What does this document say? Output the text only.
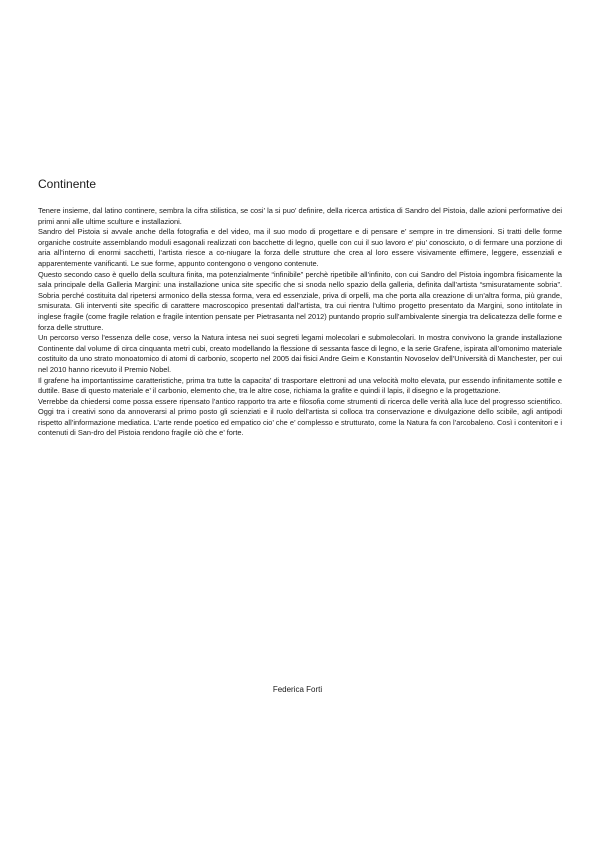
Continente

Tenere insieme, dal latino continere, sembra la cifra stilistica, se cosi’ la si puo’ definire, della ricerca artistica di Sandro del Pistoia, dalle azioni performative dei primi anni alle ultime sculture e installazioni.

Sandro del Pistoia si avvale anche della fotografia e del video, ma il suo modo di progettare e di pensare e’ sempre in tre dimensioni. Si tratti delle forme organiche costruite assemblando moduli esagonali realizzati con bacchette di legno, quelle con cui il suo lavoro e’ piu’ conosciuto, o di fermare una porzione di aria all’interno di enormi sacchetti, l’artista riesce a co-niugare la forza delle strutture che crea al loro essere visivamente effimere, leggere, essenziali e apparentemente vanificanti. Le sue forme, appunto contengono o vengono contenute.

Questo secondo caso è quello della scultura finita, ma potenzialmente “infinibile” perchè ripetibile all’infinito, con cui Sandro del Pistoia ingombra fisicamente la sala principale della Galleria Margini: una installazione unica site specific che si snoda nello spazio della galleria, definita dall’artista “smisuratamente sobria”. Sobria perché costituita dal ripetersi armonico della stessa forma, vera ed essenziale, priva di orpelli, ma che porta alla creazione di un’altra forma, più grande, smisurata. Gli interventi site specific di carattere macroscopico presentati dall’artista, tra cui rientra l’ultimo progetto presentato da Margini, sono intitolate in inglese fragile (come fragile relation e fragile intention pensate per Pietrasanta nel 2012) puntando proprio sull’ambivalente sinergia tra delicatezza delle forme e forza delle strutture.

Un percorso verso l’essenza delle cose, verso la Natura intesa nei suoi segreti legami molecolari e submolecolari. In mostra convivono la grande installazione Continente dal volume di circa cinquanta metri cubi, creato modellando la flessione di sessanta fasce di legno, e la serie Grafene, ispirata all’omonimo materiale costituito da uno strato monoatomico di atomi di carbonio, scoperto nel 2005 dai fisici Andre Geim e Konstantin Novoselov dell’Università di Manchester, per cui nel 2010 hanno ricevuto il Premio Nobel.

Il grafene ha importantissime caratteristiche, prima tra tutte la capacita’ di trasportare elettroni ad una velocità molto elevata, pur essendo infinitamente sottile e duttile. Base di questo materiale e’ il carbonio, elemento che, tra le altre cose, richiama la grafite e quindi il lapis, il disegno e la progettazione.

Verrebbe da chiedersi come possa essere ripensato l’antico rapporto tra arte e filosofia come strumenti di ricerca delle verità alla luce del progresso scientifico. Oggi tra i creativi sono da annoverarsi al primo posto gli scienziati e il ruolo dell’artista si colloca tra conservazione e divulgazione dello scibile, agli antipodi rispetto all’informazione mediatica. L’arte rende poetico ed empatico cio’ che e’ complesso e strutturato, come la Natura fa con l’arcobaleno. Così i contenitori e i contenuti di San-dro del Pistoia rendono fragile ciò che e’ forte.

Federica Forti
